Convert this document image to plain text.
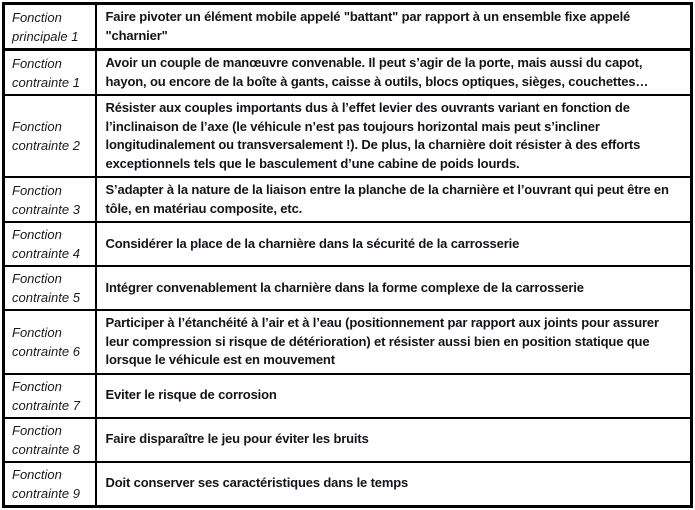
Fonction principale 1	Faire pivoter un élément mobile appelé "battant" par rapport à un ensemble fixe appelé "charnier"
Fonction contrainte 1	Avoir un couple de manœuvre convenable. Il peut s’agir de la porte, mais aussi du capot, hayon, ou encore de la boîte à gants, caisse à outils, blocs optiques, sièges, couchettes…
Fonction contrainte 2	Résister aux couples importants dus à l’effet levier des ouvrants variant en fonction de l’inclinaison de l’axe (le véhicule n’est pas toujours horizontal mais peut s’incliner longitudinalement ou transversalement !). De plus, la charnière doit résister à des efforts exceptionnels tels que le basculement d’une cabine de poids lourds.
Fonction contrainte 3	S’adapter à la nature de la liaison entre la planche de la charnière et l’ouvrant qui peut être en tôle, en matériau composite, etc.
Fonction contrainte 4	Considérer la place de la charnière dans la sécurité de la carrosserie
Fonction contrainte 5	Intégrer convenablement la charnière dans la forme complexe de la carrosserie
Fonction contrainte 6	Participer à l’étanchéité à l’air et à l’eau (positionnement par rapport aux joints pour assurer leur compression si risque de détérioration) et résister aussi bien en position statique que lorsque le véhicule est en mouvement
Fonction contrainte 7	Eviter le risque de corrosion
Fonction contrainte 8	Faire disparaître le jeu pour éviter les bruits
Fonction contrainte 9	Doit conserver ses caractéristiques dans le temps
